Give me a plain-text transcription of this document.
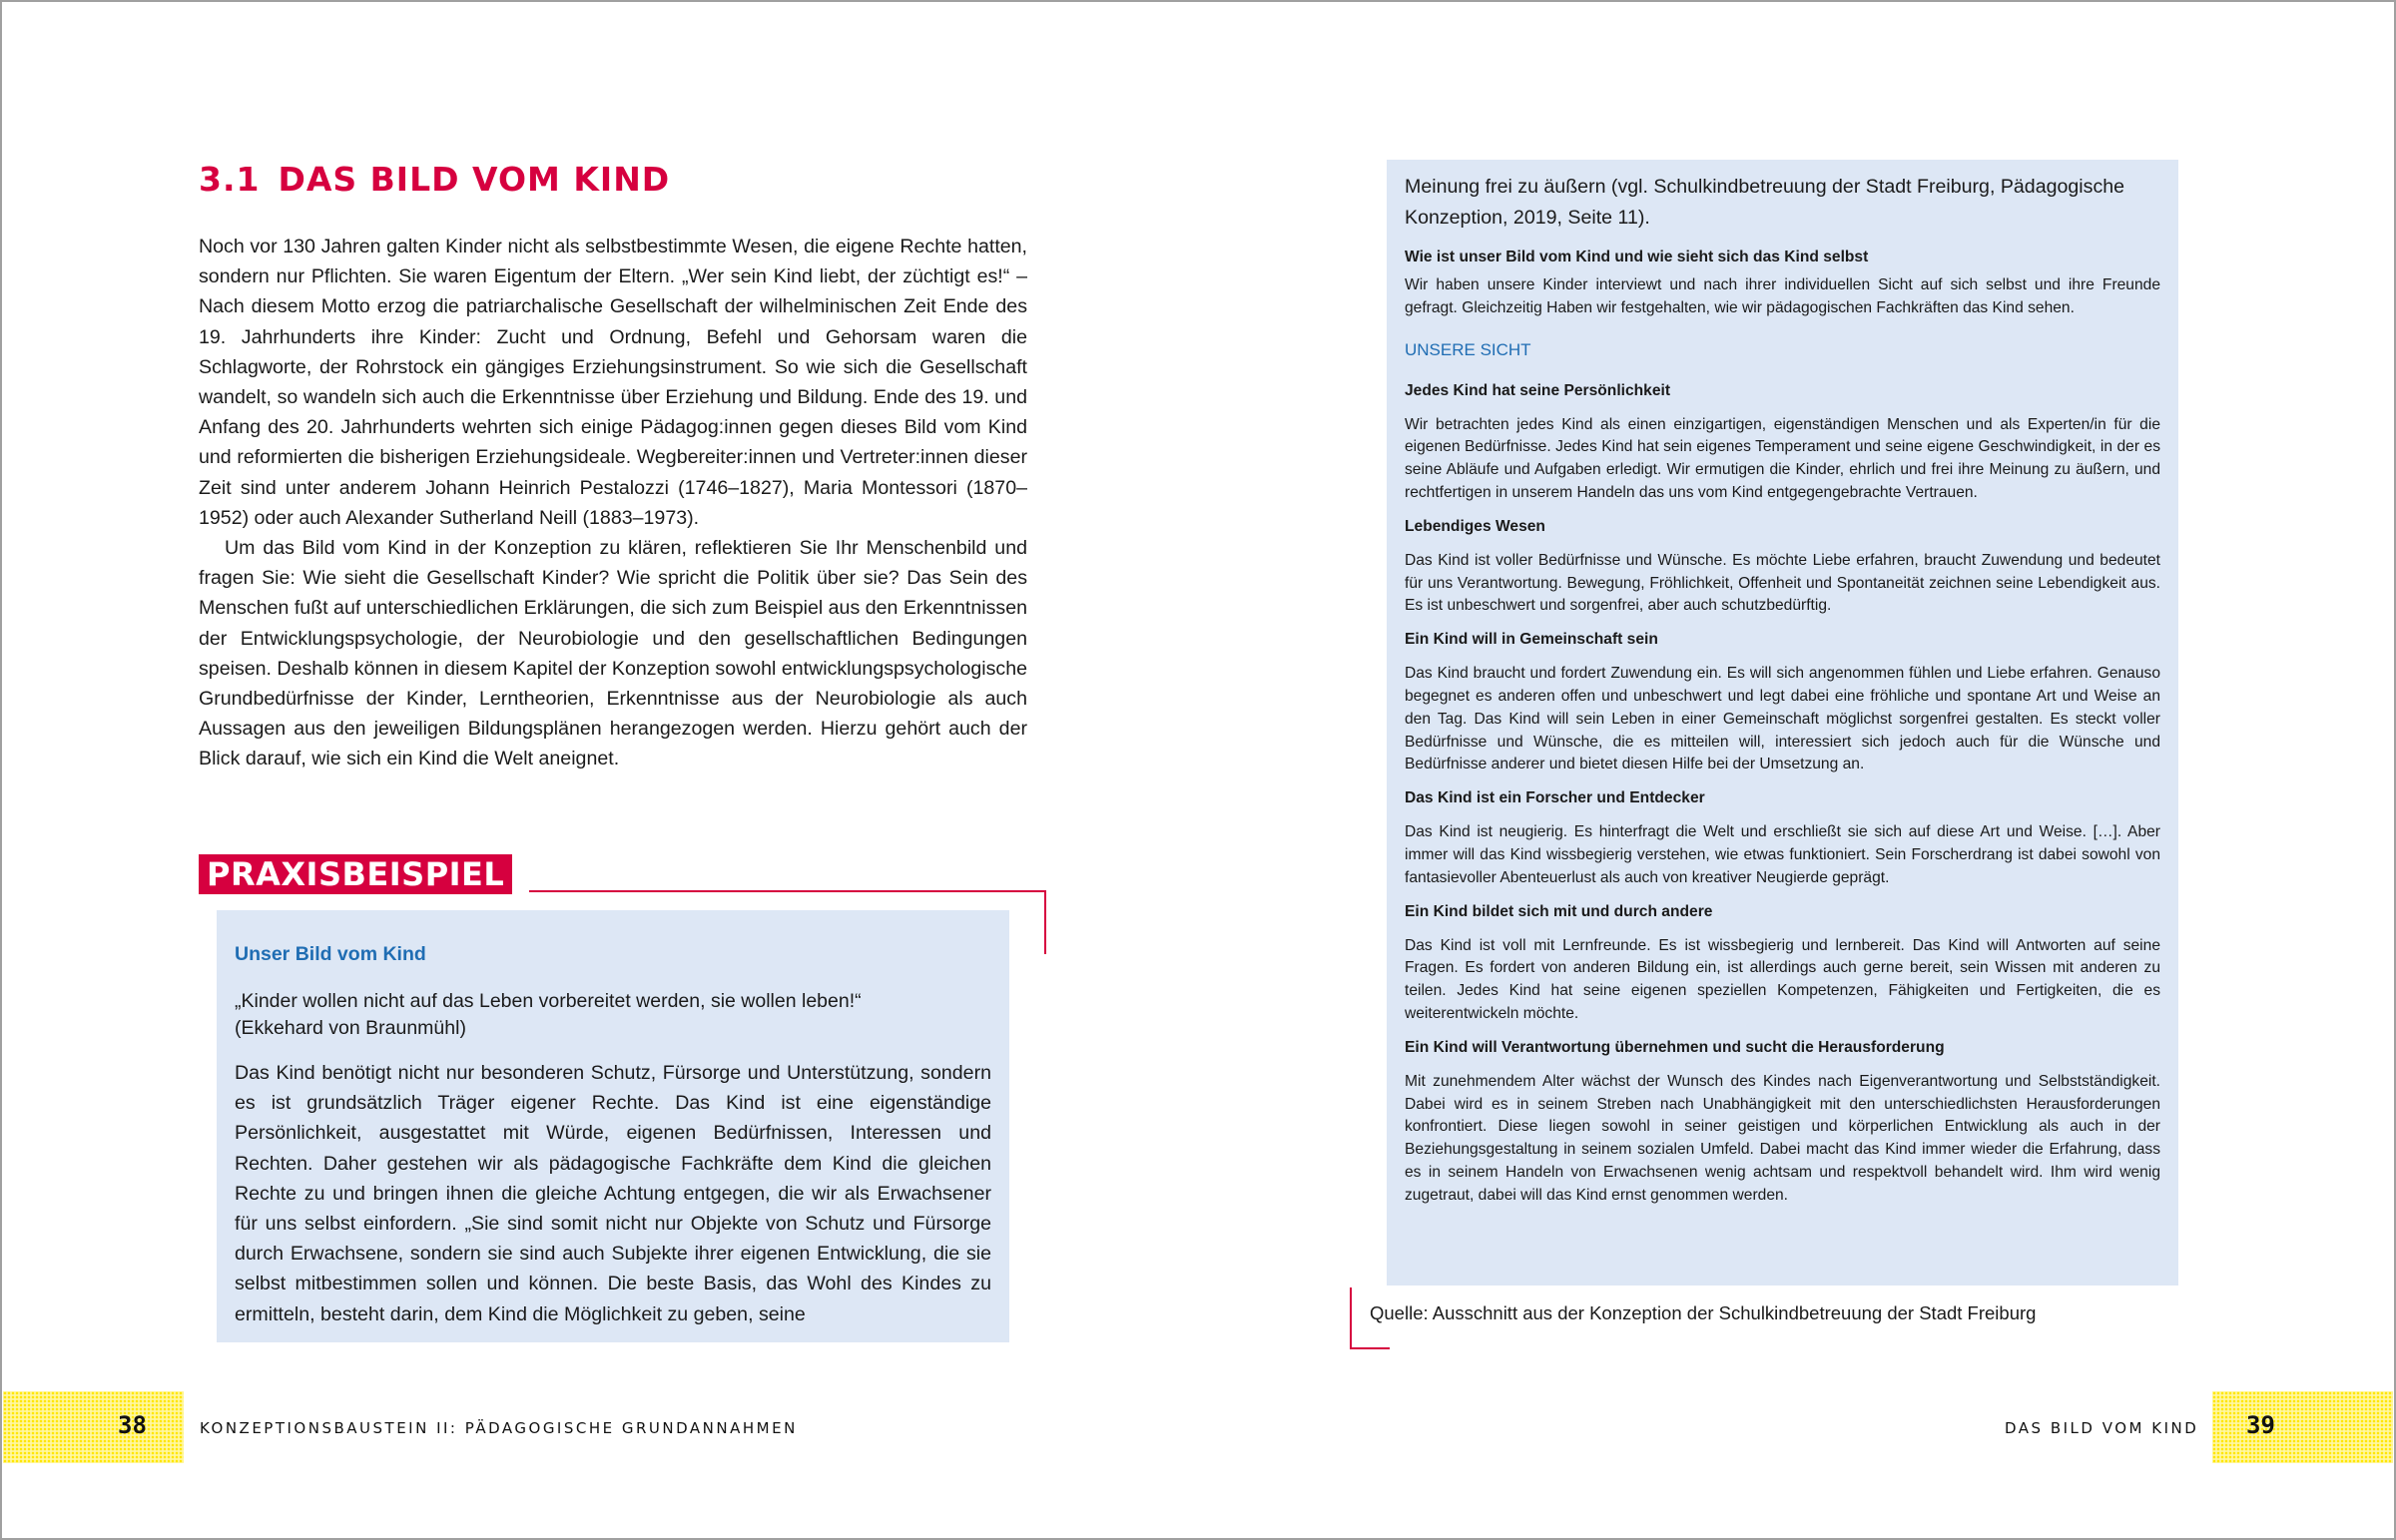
3.1 DAS BILD VOM KIND

Noch vor 130 Jahren galten Kinder nicht als selbstbestimmte Wesen, die eigene Rechte hatten, sondern nur Pflichten. Sie waren Eigentum der Eltern. „Wer sein Kind liebt, der züchtigt es!“ – Nach diesem Motto erzog die patriarchalische Gesellschaft der wilhelminischen Zeit Ende des 19. Jahrhunderts ihre Kinder: Zucht und Ordnung, Befehl und Gehorsam waren die Schlagworte, der Rohrstock ein gängiges Erziehungsinstrument. So wie sich die Gesellschaft wandelt, so wandeln sich auch die Erkenntnisse über Erziehung und Bildung. Ende des 19. und Anfang des 20. Jahrhunderts wehrten sich einige Pädagog:innen gegen dieses Bild vom Kind und reformierten die bisherigen Erziehungsideale. Wegbereiter:innen und Vertreter:innen dieser Zeit sind unter anderem Johann Heinrich Pestalozzi (1746–1827), Maria Montessori (1870–1952) oder auch Alexander Sutherland Neill (1883–1973).

Um das Bild vom Kind in der Konzeption zu klären, reflektieren Sie Ihr Menschenbild und fragen Sie: Wie sieht die Gesellschaft Kinder? Wie spricht die Politik über sie? Das Sein des Menschen fußt auf unterschiedlichen Erklärungen, die sich zum Beispiel aus den Erkenntnissen der Entwicklungspsychologie, der Neurobiologie und den gesellschaftlichen Bedingungen speisen. Deshalb können in diesem Kapitel der Konzeption sowohl entwicklungspsychologische Grundbedürfnisse der Kinder, Lerntheorien, Erkenntnisse aus der Neurobiologie als auch Aussagen aus den jeweiligen Bildungsplänen herangezogen werden. Hierzu gehört auch der Blick darauf, wie sich ein Kind die Welt aneignet.

PRAXISBEISPIEL
Unser Bild vom Kind
„Kinder wollen nicht auf das Leben vorbereitet werden, sie wollen leben!“
(Ekkehard von Braunmühl)

Das Kind benötigt nicht nur besonderen Schutz, Fürsorge und Unterstützung, sondern es ist grundsätzlich Träger eigener Rechte. Das Kind ist eine eigenständige Persönlichkeit, ausgestattet mit Würde, eigenen Bedürfnissen, Interessen und Rechten. Daher gestehen wir als pädagogische Fachkräfte dem Kind die gleichen Rechte zu und bringen ihnen die gleiche Achtung entgegen, die wir als Erwachsener für uns selbst einfordern. „Sie sind somit nicht nur Objekte von Schutz und Fürsorge durch Erwachsene, sondern sie sind auch Subjekte ihrer eigenen Entwicklung, die sie selbst mitbestimmen sollen und können. Die beste Basis, das Wohl des Kindes zu ermitteln, besteht darin, dem Kind die Möglichkeit zu geben, seine

38	KONZEPTIONSBAUSTEIN II: PÄDAGOGISCHE GRUNDANNAHMEN

Meinung frei zu äußern (vgl. Schulkindbetreuung der Stadt Freiburg, Pädagogische Konzeption, 2019, Seite 11).

Wie ist unser Bild vom Kind und wie sieht sich das Kind selbst

Wir haben unsere Kinder interviewt und nach ihrer individuellen Sicht auf sich selbst und ihre Freunde gefragt. Gleichzeitig Haben wir festgehalten, wie wir pädagogischen Fachkräften das Kind sehen.

UNSERE SICHT
Jedes Kind hat seine Persönlichkeit

Wir betrachten jedes Kind als einen einzigartigen, eigenständigen Menschen und als Experten/in für die eigenen Bedürfnisse. Jedes Kind hat sein eigenes Temperament und seine eigene Geschwindigkeit, in der es seine Abläufe und Aufgaben erledigt. Wir ermutigen die Kinder, ehrlich und frei ihre Meinung zu äußern, und rechtfertigen in unserem Handeln das uns vom Kind entgegengebrachte Vertrauen.

Lebendiges Wesen

Das Kind ist voller Bedürfnisse und Wünsche. Es möchte Liebe erfahren, braucht Zuwendung und bedeutet für uns Verantwortung. Bewegung, Fröhlichkeit, Offenheit und Spontaneität zeichnen seine Lebendigkeit aus. Es ist unbeschwert und sorgenfrei, aber auch schutzbedürftig.

Ein Kind will in Gemeinschaft sein

Das Kind braucht und fordert Zuwendung ein. Es will sich angenommen fühlen und Liebe erfahren. Genauso begegnet es anderen offen und unbeschwert und legt dabei eine fröhliche und spontane Art und Weise an den Tag. Das Kind will sein Leben in einer Gemeinschaft möglichst sorgenfrei gestalten. Es steckt voller Bedürfnisse und Wünsche, die es mitteilen will, interessiert sich jedoch auch für die Wünsche und Bedürfnisse anderer und bietet diesen Hilfe bei der Umsetzung an.

Das Kind ist ein Forscher und Entdecker

Das Kind ist neugierig. Es hinterfragt die Welt und erschließt sie sich auf diese Art und Weise. […]. Aber immer will das Kind wissbegierig verstehen, wie etwas funktioniert. Sein Forscherdrang ist dabei sowohl von fantasievoller Abenteuerlust als auch von kreativer Neugierde geprägt.

Ein Kind bildet sich mit und durch andere

Das Kind ist voll mit Lernfreunde. Es ist wissbegierig und lernbereit. Das Kind will Antworten auf seine Fragen. Es fordert von anderen Bildung ein, ist allerdings auch gerne bereit, sein Wissen mit anderen zu teilen. Jedes Kind hat seine eigenen speziellen Kompetenzen, Fähigkeiten und Fertigkeiten, die es weiterentwickeln möchte.

Ein Kind will Verantwortung übernehmen und sucht die Herausforderung

Mit zunehmendem Alter wächst der Wunsch des Kindes nach Eigenverantwortung und Selbstständigkeit. Dabei wird es in seinem Streben nach Unabhängigkeit mit den unterschiedlichsten Herausforderungen konfrontiert. Diese liegen sowohl in seiner geistigen und körperlichen Entwicklung als auch in der Beziehungsgestaltung in seinem sozialen Umfeld. Dabei macht das Kind immer wieder die Erfahrung, dass es in seinem Handeln von Erwachsenen wenig achtsam und respektvoll behandelt wird. Ihm wird wenig zugetraut, dabei will das Kind ernst genommen werden.

Quelle: Ausschnitt aus der Konzeption der Schulkindbetreuung der Stadt Freiburg
DAS BILD VOM KIND 39
